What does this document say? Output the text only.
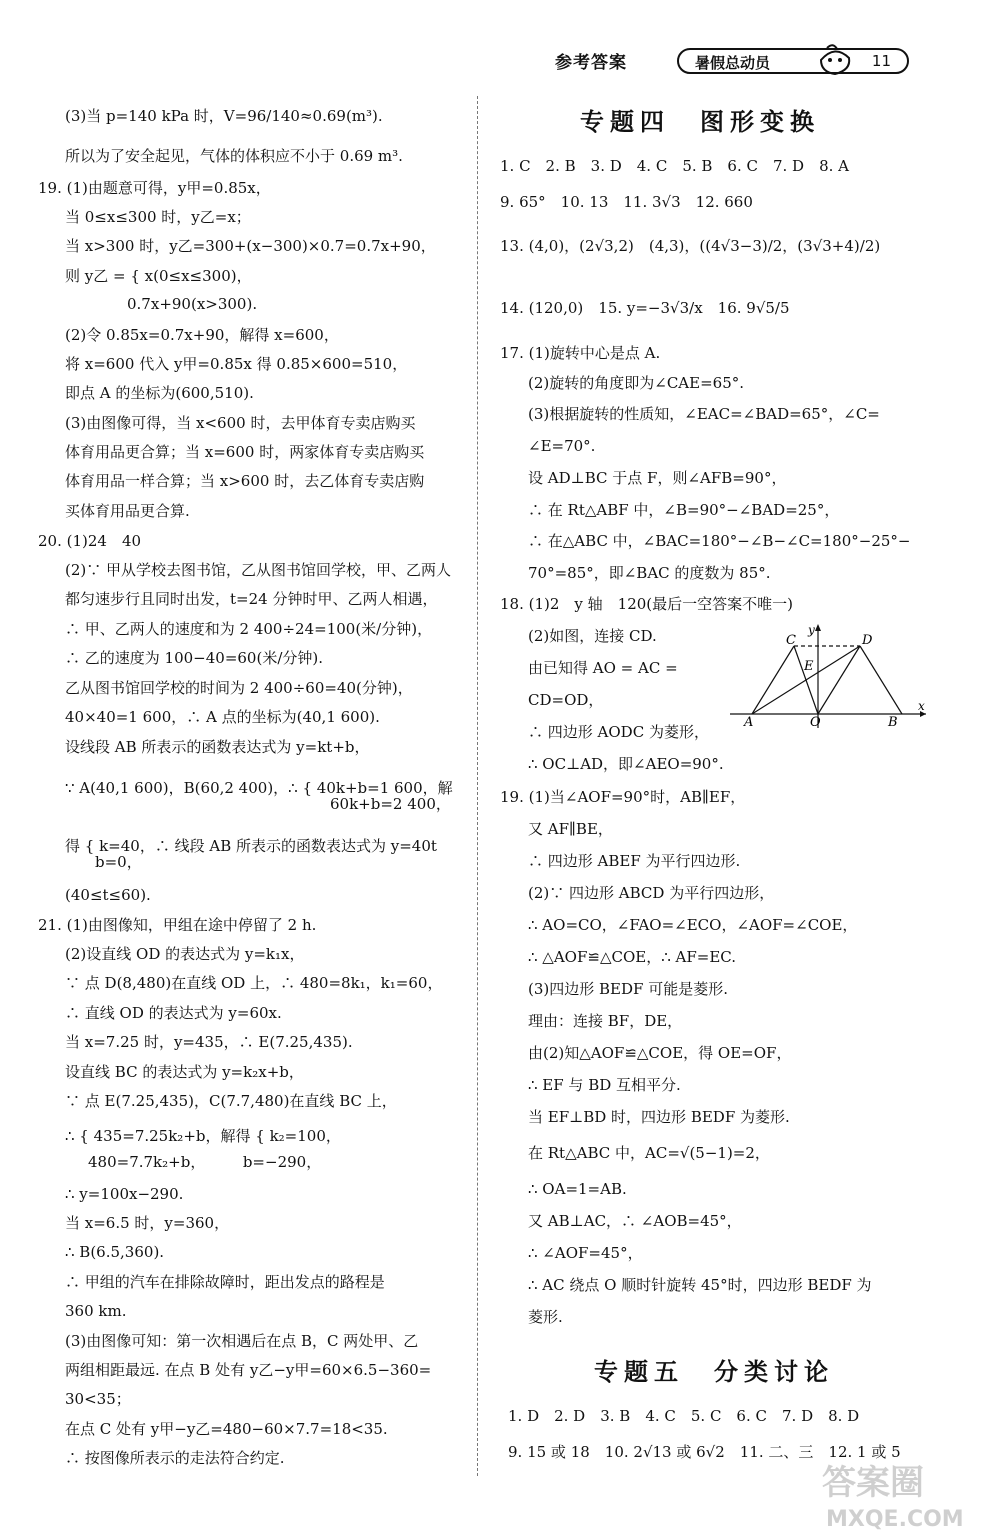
参考答案	暑假总动员	11
(3)当 p=140 kPa 时，V=96/140≈0.69(m³).
所以为了安全起见，气体的体积应不小于 0.69 m³.
19. (1)由题意可得，y甲=0.85x，
当 0≤x≤300 时，y乙=x；
当 x>300 时，y乙=300+(x−300)×0.7=0.7x+90，
则 y乙 = { x(0≤x≤300)，
0.7x+90(x>300).
(2)令 0.85x=0.7x+90，解得 x=600，
将 x=600 代入 y甲=0.85x 得 0.85×600=510，
即点 A 的坐标为(600,510).
(3)由图像可得，当 x<600 时，去甲体育专卖店购买
体育用品更合算；当 x=600 时，两家体育专卖店购买
体育用品一样合算；当 x>600 时，去乙体育专卖店购
买体育用品更合算.
20. (1)24　40
(2)∵ 甲从学校去图书馆，乙从图书馆回学校，甲、乙两人
都匀速步行且同时出发，t=24 分钟时甲、乙两人相遇，
∴ 甲、乙两人的速度和为 2 400÷24=100(米/分钟)，
∴ 乙的速度为 100−40=60(米/分钟).
乙从图书馆回学校的时间为 2 400÷60=40(分钟)，
40×40=1 600，∴ A 点的坐标为(40,1 600).
设线段 AB 所表示的函数表达式为 y=kt+b，
∵ A(40,1 600)，B(60,2 400)，∴ { 40k+b=1 600，解
60k+b=2 400，
得 { k=40，∴ 线段 AB 所表示的函数表达式为 y=40t
b=0，
(40≤t≤60).
21. (1)由图像知，甲组在途中停留了 2 h.
(2)设直线 OD 的表达式为 y=k₁x，
∵ 点 D(8,480)在直线 OD 上，∴ 480=8k₁，k₁=60，
∴ 直线 OD 的表达式为 y=60x.
当 x=7.25 时，y=435，∴ E(7.25,435).
设直线 BC 的表达式为 y=k₂x+b，
∵ 点 E(7.25,435)，C(7.7,480)在直线 BC 上，
∴ { 435=7.25k₂+b，解得 { k₂=100，
480=7.7k₂+b，　　　b=−290，
∴ y=100x−290.
当 x=6.5 时，y=360，
∴ B(6.5,360).
∴ 甲组的汽车在排除故障时，距出发点的路程是
360 km.
(3)由图像可知：第一次相遇后在点 B，C 两处甲、乙
两组相距最远. 在点 B 处有 y乙−y甲=60×6.5−360=
30<35；
在点 C 处有 y甲−y乙=480−60×7.7=18<35.
∴ 按图像所表示的走法符合约定.
专题四　图形变换
1. C　2. B　3. D　4. C　5. B　6. C　7. D　8. A
9. 65°　10. 13　11. 3√3　12. 660
13. (4,0)，(2√3,2)　(4,3)，((4√3−3)/2，(3√3+4)/2)
14. (120,0)　15. y=−3√3/x　16. 9√5/5
17. (1)旋转中心是点 A.
(2)旋转的角度即为∠CAE=65°.
(3)根据旋转的性质知，∠EAC=∠BAD=65°，∠C=
∠E=70°.
设 AD⊥BC 于点 F，则∠AFB=90°，
∴ 在 Rt△ABF 中，∠B=90°−∠BAD=25°，
∴ 在△ABC 中，∠BAC=180°−∠B−∠C=180°−25°−
70°=85°，即∠BAC 的度数为 85°.
18. (1)2　y 轴　120(最后一空答案不唯一)
(2)如图，连接 CD.
由已知得 AO = AC =
CD=OD，
∴ 四边形 AODC 为菱形，
∴ OC⊥AD，即∠AEO=90°.
19. (1)当∠AOF=90°时，AB∥EF，
又 AF∥BE，
∴ 四边形 ABEF 为平行四边形.
(2)∵ 四边形 ABCD 为平行四边形，
∴ AO=CO，∠FAO=∠ECO，∠AOF=∠COE，
∴ △AOF≌△COE，∴ AF=EC.
(3)四边形 BEDF 可能是菱形.
理由：连接 BF，DE，
由(2)知△AOF≌△COE，得 OE=OF，
∴ EF 与 BD 互相平分.
当 EF⊥BD 时，四边形 BEDF 为菱形.
在 Rt△ABC 中，AC=√(5−1)=2，
∴ OA=1=AB.
又 AB⊥AC，∴ ∠AOB=45°，
∴ ∠AOF=45°，
∴ AC 绕点 O 顺时针旋转 45°时，四边形 BEDF 为
菱形.
专题五　分类讨论
1. D　2. D　3. B　4. C　5. C　6. C　7. D　8. D
9. 15 或 18　10. 2√13 或 6√2　11. 二、三　12. 1 或 5
C	D
E
A	O	B
x
y
答案圈
MXQE.COM
